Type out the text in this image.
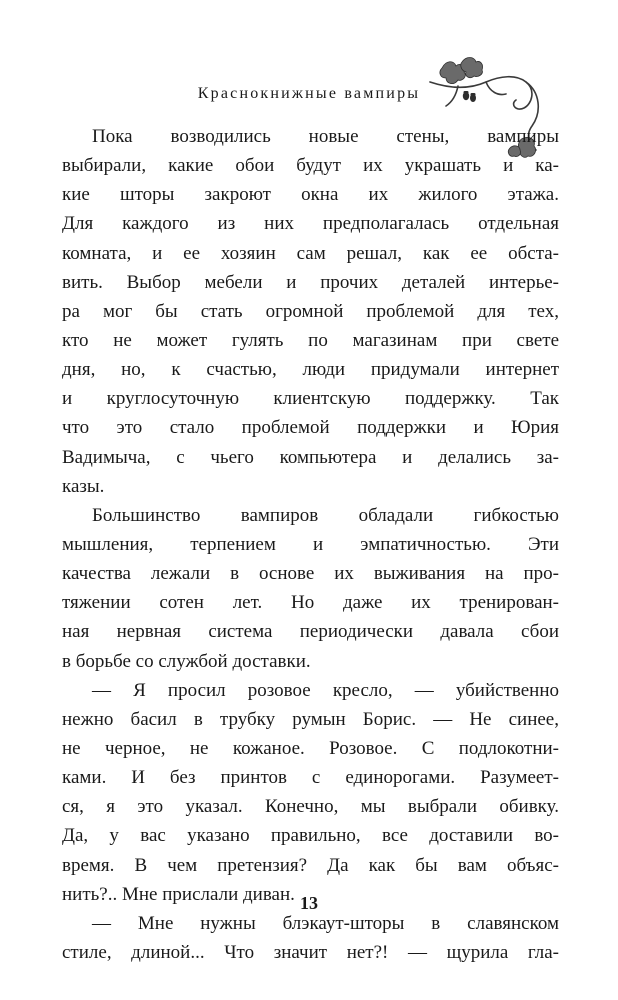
Краснокнижные вампиры
Пока возводились новые стены, вампиры
выбирали, какие обои будут их украшать и ка-
кие шторы закроют окна их жилого этажа.
Для каждого из них предполагалась отдельная
комната, и ее хозяин сам решал, как ее обста-
вить. Выбор мебели и прочих деталей интерье-
ра мог бы стать огромной проблемой для тех,
кто не может гулять по магазинам при свете
дня, но, к счастью, люди придумали интернет
и круглосуточную клиентскую поддержку. Так
что это стало проблемой поддержки и Юрия
Вадимыча, с чьего компьютера и делались за-
казы.
Большинство вампиров обладали гибкостью
мышления, терпением и эмпатичностью. Эти
качества лежали в основе их выживания на про-
тяжении сотен лет. Но даже их тренирован-
ная нервная система периодически давала сбои
в борьбе со службой доставки.
— Я просил розовое кресло, — убийственно
нежно басил в трубку румын Борис. — Не синее,
не черное, не кожаное. Розовое. С подлокотни-
ками. И без принтов с единорогами. Разумеет-
ся, я это указал. Конечно, мы выбрали обивку.
Да, у вас указано правильно, все доставили во-
время. В чем претензия? Да как бы вам объяс-
нить?.. Мне прислали диван.
— Мне нужны блэкаут-шторы в славянском
стиле, длиной... Что значит нет?! — щурила гла-
13
